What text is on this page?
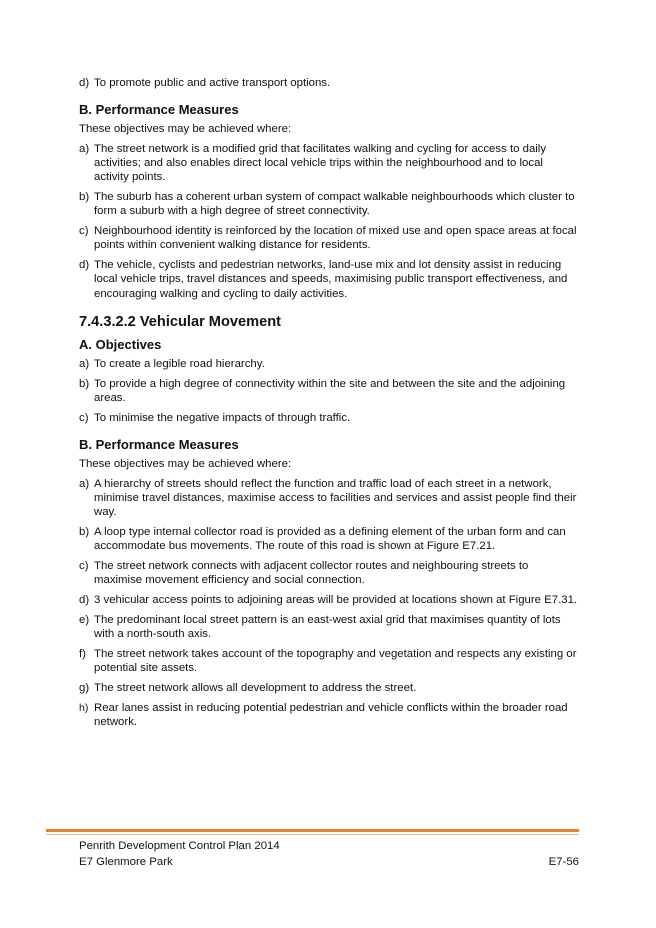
d) To promote public and active transport options.
B. Performance Measures
These objectives may be achieved where:
a) The street network is a modified grid that facilitates walking and cycling for access to daily activities; and also enables direct local vehicle trips within the neighbourhood and to local activity points.
b) The suburb has a coherent urban system of compact walkable neighbourhoods which cluster to form a suburb with a high degree of street connectivity.
c) Neighbourhood identity is reinforced by the location of mixed use and open space areas at focal points within convenient walking distance for residents.
d) The vehicle, cyclists and pedestrian networks, land-use mix and lot density assist in reducing local vehicle trips, travel distances and speeds, maximising public transport effectiveness, and encouraging walking and cycling to daily activities.
7.4.3.2.2 Vehicular Movement
A. Objectives
a) To create a legible road hierarchy.
b) To provide a high degree of connectivity within the site and between the site and the adjoining areas.
c) To minimise the negative impacts of through traffic.
B. Performance Measures
These objectives may be achieved where:
a) A hierarchy of streets should reflect the function and traffic load of each street in a network, minimise travel distances, maximise access to facilities and services and assist people find their way.
b) A loop type internal collector road is provided as a defining element of the urban form and can accommodate bus movements. The route of this road is shown at Figure E7.21.
c) The street network connects with adjacent collector routes and neighbouring streets to maximise movement efficiency and social connection.
d) 3 vehicular access points to adjoining areas will be provided at locations shown at Figure E7.31.
e) The predominant local street pattern is an east-west axial grid that maximises quantity of lots with a north-south axis.
f) The street network takes account of the topography and vegetation and respects any existing or potential site assets.
g) The street network allows all development to address the street.
h) Rear lanes assist in reducing potential pedestrian and vehicle conflicts within the broader road network.
Penrith Development Control Plan 2014
E7 Glenmore Park	E7-56
